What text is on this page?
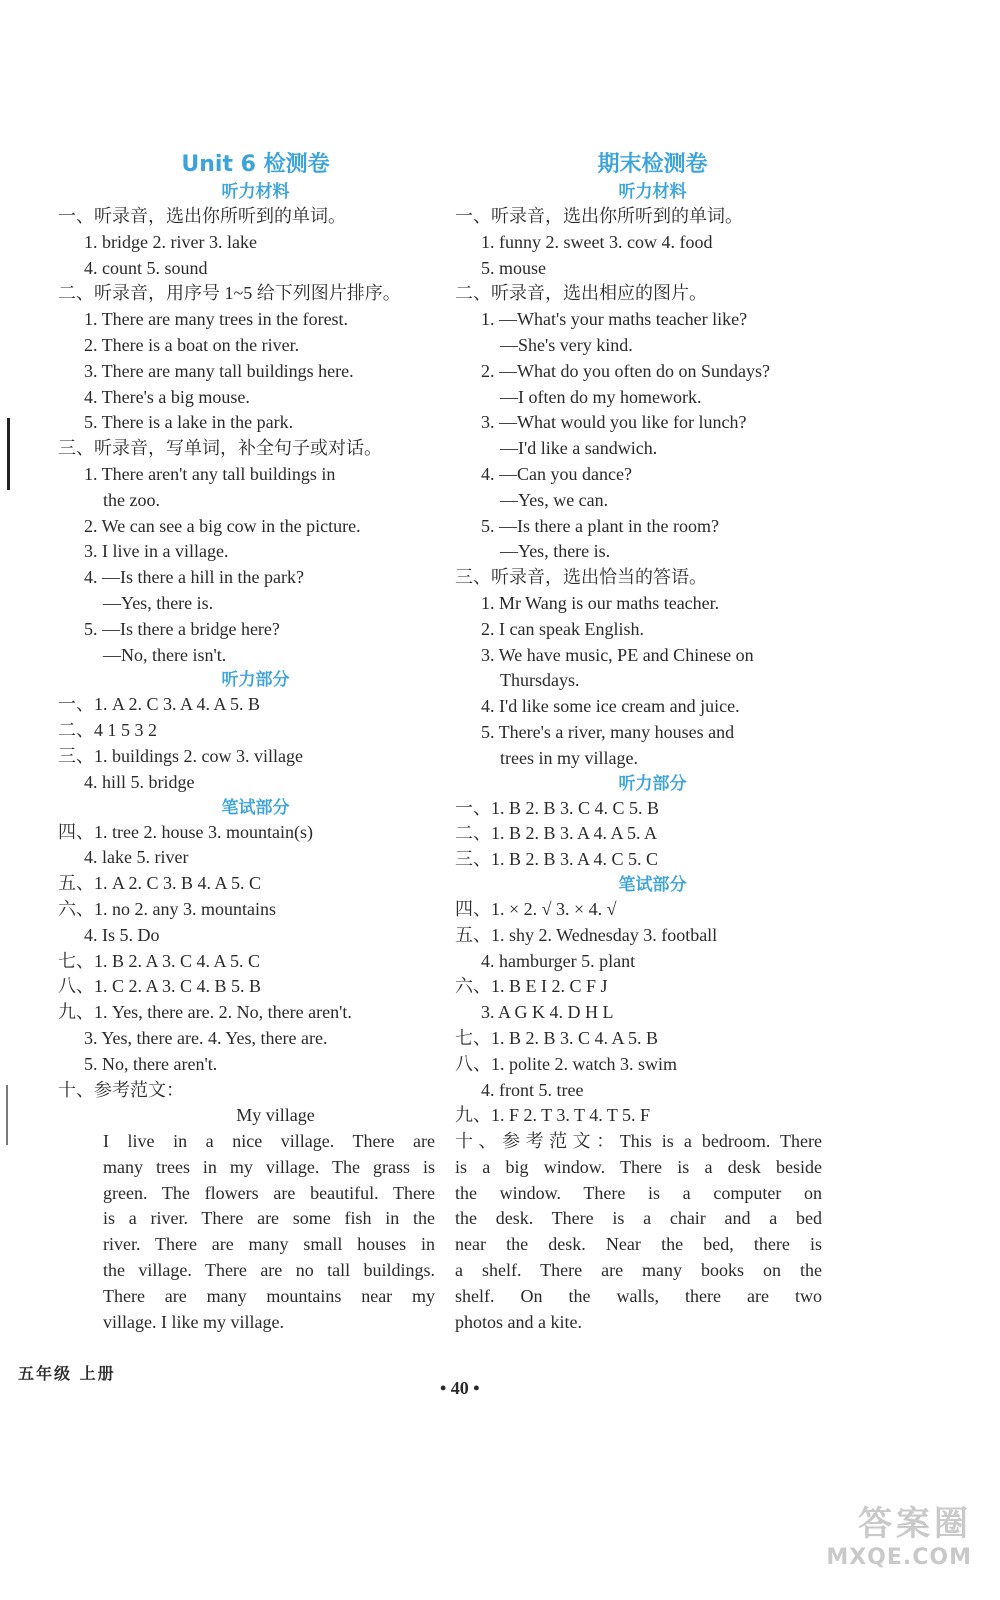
Unit 6 检测卷
听力材料
一、听录音，选出你所听到的单词。
1. bridge 2. river 3. lake
4. count 5. sound
二、听录音，用序号 1~5 给下列图片排序。
1. There are many trees in the forest.
2. There is a boat on the river.
3. There are many tall buildings here.
4. There's a big mouse.
5. There is a lake in the park.
三、听录音，写单词，补全句子或对话。
1. There aren't any tall buildings in
the zoo.
2. We can see a big cow in the picture.
3. I live in a village.
4. —Is there a hill in the park?
—Yes, there is.
5. —Is there a bridge here?
—No, there isn't.
听力部分
一、1. A 2. C 3. A 4. A 5. B
二、4 1 5 3 2
三、1. buildings 2. cow 3. village
4. hill 5. bridge
笔试部分
四、1. tree 2. house 3. mountain(s)
4. lake 5. river
五、1. A 2. C 3. B 4. A 5. C
六、1. no 2. any 3. mountains
4. Is 5. Do
七、1. B 2. A 3. C 4. A 5. C
八、1. C 2. A 3. C 4. B 5. B
九、1. Yes, there are. 2. No, there aren't.
3. Yes, there are. 4. Yes, there are.
5. No, there aren't.
十、参考范文：
My village
I live in a nice village. There are
many trees in my village. The grass is
green. The flowers are beautiful. There
is a river. There are some fish in the
river. There are many small houses in
the village. There are no tall buildings.
There are many mountains near my
village. I like my village.
期末检测卷
听力材料
一、听录音，选出你所听到的单词。
1. funny 2. sweet 3. cow 4. food
5. mouse
二、听录音，选出相应的图片。
1. —What's your maths teacher like?
—She's very kind.
2. —What do you often do on Sundays?
—I often do my homework.
3. —What would you like for lunch?
—I'd like a sandwich.
4. —Can you dance?
—Yes, we can.
5. —Is there a plant in the room?
—Yes, there is.
三、听录音，选出恰当的答语。
1. Mr Wang is our maths teacher.
2. I can speak English.
3. We have music, PE and Chinese on
Thursdays.
4. I'd like some ice cream and juice.
5. There's a river, many houses and
trees in my village.
听力部分
一、1. B 2. B 3. C 4. C 5. B
二、1. B 2. B 3. A 4. A 5. A
三、1. B 2. B 3. A 4. C 5. C
笔试部分
四、1. × 2. √ 3. × 4. √
五、1. shy 2. Wednesday 3. football
4. hamburger 5. plant
六、1. B E I 2. C F J
3. A G K 4. D H L
七、1. B 2. B 3. C 4. A 5. B
八、1. polite 2. watch 3. swim
4. front 5. tree
九、1. F 2. T 3. T 4. T 5. F
十、参考范文：This is a bedroom. There
is a big window. There is a desk beside
the window. There is a computer on
the desk. There is a chair and a bed
near the desk. Near the bed, there is
a shelf. There are many books on the
shelf. On the walls, there are two
photos and a kite.
五年级 上册
• 40 •
答案圈
MXQE.COM
